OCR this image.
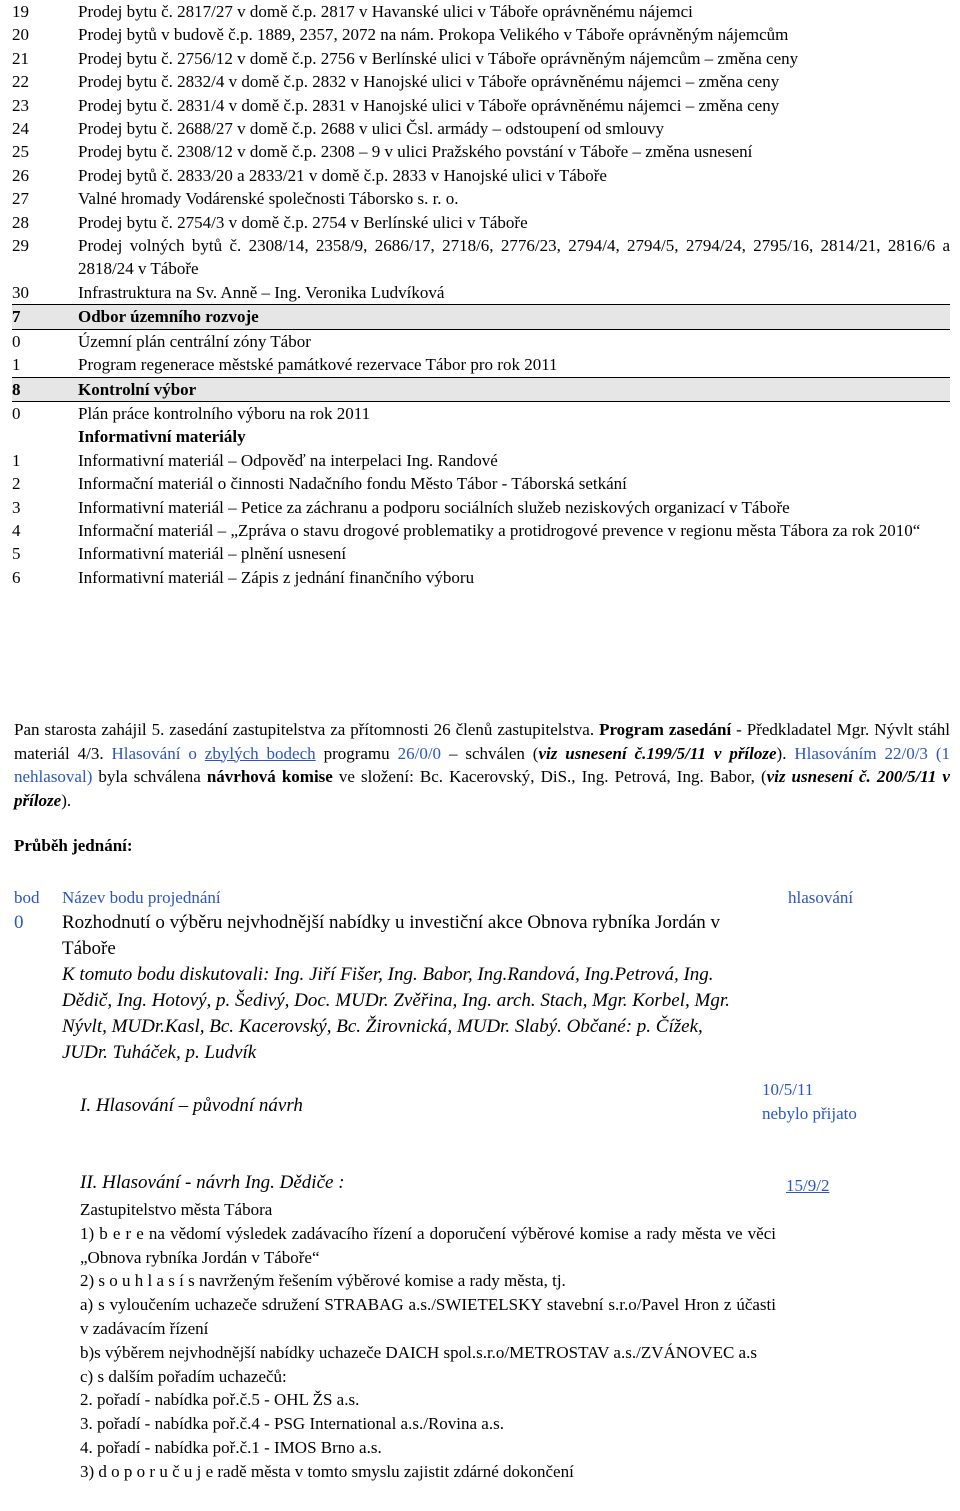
19	Prodej bytu č. 2817/27 v domě č.p. 2817 v Havanské ulici v Táboře oprávněnému nájemci
20	Prodej bytů v budově č.p. 1889, 2357, 2072 na nám. Prokopa Velikého v Táboře oprávněným nájemcům
21	Prodej bytu č. 2756/12 v domě č.p. 2756 v Berlínské ulici v Táboře oprávněným nájemcům – změna ceny
22	Prodej bytu č. 2832/4 v domě č.p. 2832 v Hanojské ulici v Táboře oprávněnému nájemci – změna ceny
23	Prodej bytu č. 2831/4 v domě č.p. 2831 v Hanojské ulici v Táboře oprávněnému nájemci – změna ceny
24	Prodej bytu č. 2688/27 v domě č.p. 2688 v ulici Čsl. armády – odstoupení od smlouvy
25	Prodej bytu č. 2308/12 v domě č.p. 2308 – 9 v ulici Pražského povstání v Táboře – změna usnesení
26	Prodej bytů č. 2833/20 a 2833/21 v domě č.p. 2833 v Hanojské ulici v Táboře
27	Valné hromady Vodárenské společnosti Táborsko s. r. o.
28	Prodej bytu č. 2754/3 v domě č.p. 2754 v Berlínské ulici v Táboře
29	Prodej volných bytů č. 2308/14, 2358/9, 2686/17, 2718/6, 2776/23, 2794/4, 2794/5, 2794/24, 2795/16, 2814/21, 2816/6 a 2818/24 v Táboře
30	Infrastruktura na Sv. Anně – Ing. Veronika Ludvíková
7	Odbor územního rozvoje
0	Územní plán centrální zóny Tábor
1	Program regenerace městské památkové rezervace Tábor pro rok 2011
8	Kontrolní výbor
0	Plán práce kontrolního výboru na rok 2011
Informativní materiály
1	Informativní materiál – Odpověď na interpelaci Ing. Randové
2	Informační materiál o činnosti Nadačního fondu Město Tábor - Táborská setkání
3	Informativní materiál – Petice za záchranu a podporu sociálních služeb neziskových organizací v Táboře
4	Informační materiál – „Zpráva o stavu drogové problematiky a protidrogové prevence v regionu města Tábora za rok 2010“
5	Informativní materiál – plnění usnesení
6	Informativní materiál – Zápis z jednání finančního výboru
Pan starosta zahájil 5. zasedání zastupitelstva za přítomnosti 26 členů zastupitelstva. Program zasedání - Předkladatel Mgr. Nývlt stáhl materiál 4/3. Hlasování o zbylých bodech programu 26/0/0 – schválen (viz usnesení č.199/5/11 v příloze). Hlasováním 22/0/3 (1 nehlasoval) byla schválena návrhová komise ve složení: Bc. Kacerovský, DiS., Ing. Petrová, Ing. Babor, (viz usnesení č. 200/5/11 v příloze).
Průběh jednání:
bod Název bodu projednání	hlasování
0 Rozhodnutí o výběru nejvhodnější nabídky u investiční akce Obnova rybníka Jordán v Táboře
K tomuto bodu diskutovali: Ing. Jiří Fišer, Ing. Babor, Ing.Randová, Ing.Petrová, Ing. Dědič, Ing. Hotový, p. Šedivý, Doc. MUDr. Zvěřina, Ing. arch. Stach, Mgr. Korbel, Mgr. Nývlt, MUDr.Kasl, Bc. Kacerovský, Bc. Žirovnická, MUDr. Slabý. Občané: p. Čížek, JUDr. Tuháček, p. Ludvík
I. Hlasování – původní návrh
10/5/11
nebylo přijato
II. Hlasování - návrh Ing. Dědiče :	15/9/2
Zastupitelstvo města Tábora
1) b e r e na vědomí výsledek zadávacího řízení a doporučení výběrové komise a rady města ve věci „Obnova rybníka Jordán v Táboře“
2) s o u h l a s í s navrženým řešením výběrové komise a rady města, tj.
a) s vyloučením uchazeče sdružení STRABAG a.s./SWIETELSKY stavební s.r.o/Pavel Hron z účasti v zadávacím řízení
b)s výběrem nejvhodnější nabídky uchazeče DAICH spol.s.r.o/METROSTAV a.s./ZVÁNOVEC a.s
c) s dalším pořadím uchazečů:
2. pořadí - nabídka poř.č.5 - OHL ŽS a.s.
3. pořadí - nabídka poř.č.4 - PSG International a.s./Rovina a.s.
4. pořadí - nabídka poř.č.1 - IMOS Brno a.s.
3) d o p o r u č u j e radě města v tomto smyslu zajistit zdárné dokončení
